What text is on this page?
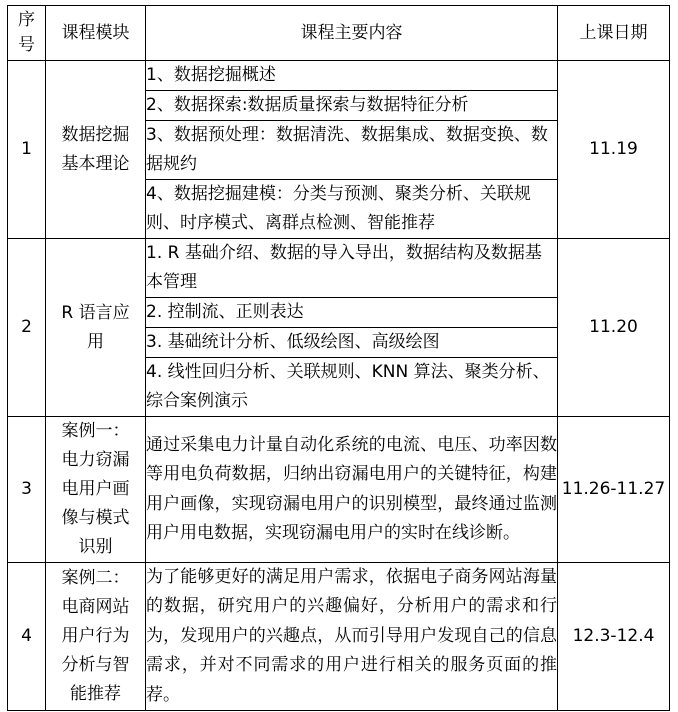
序号	课程模块	课程主要内容	上课日期
1	数据挖掘基本理论	1、数据挖掘概述	11.19
		2、数据探索:数据质量探索与数据特征分析	
		3、数据预处理：数据清洗、数据集成、数据变换、数据规约	
		4、数据挖掘建模：分类与预测、聚类分析、关联规则、时序模式、离群点检测、智能推荐	
2	R 语言应用	1. R 基础介绍、数据的导入导出，数据结构及数据基本管理	11.20
		2. 控制流、正则表达	
		3. 基础统计分析、低级绘图、高级绘图	
		4. 线性回归分析、关联规则、KNN 算法、聚类分析、综合案例演示	
3	案例一：电力窃漏电用户画像与模式识别	通过采集电力计量自动化系统的电流、电压、功率因数等用电负荷数据，归纳出窃漏电用户的关键特征，构建用户画像，实现窃漏电用户的识别模型，最终通过监测用户用电数据，实现窃漏电用户的实时在线诊断。	11.26-11.27
4	案例二：电商网站用户行为分析与智能推荐	为了能够更好的满足用户需求，依据电子商务网站海量的数据，研究用户的兴趣偏好，分析用户的需求和行为，发现用户的兴趣点，从而引导用户发现自己的信息需求，并对不同需求的用户进行相关的服务页面的推荐。	12.3-12.4
